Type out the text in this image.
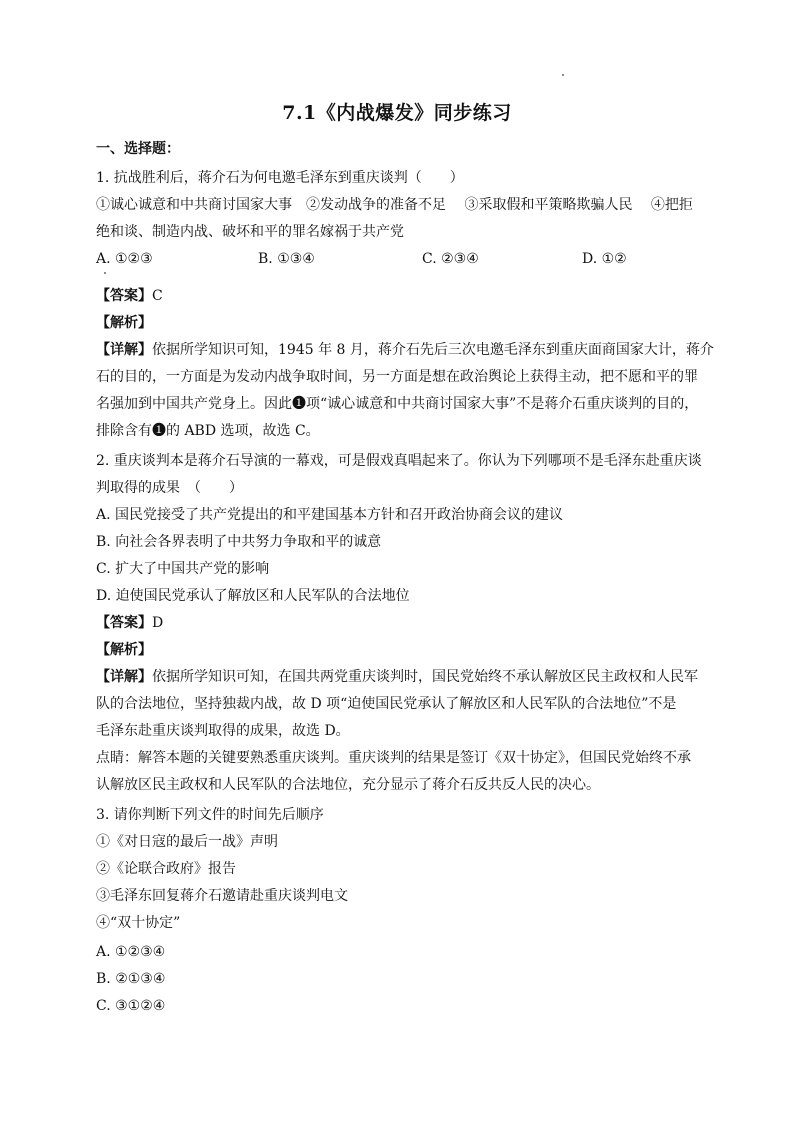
7.1《内战爆发》同步练习
一、选择题：
1. 抗战胜利后，蒋介石为何电邀毛泽东到重庆谈判（　　）
①诚心诚意和中共商讨国家大事　②发动战争的准备不足　 ③采取假和平策略欺骗人民　 ④把拒
绝和谈、制造内战、破坏和平的罪名嫁祸于共产党
A. ①②③	B. ①③④	C. ②③④	D. ①②
【答案】C
【解析】
【详解】依据所学知识可知，1945 年 8 月，蒋介石先后三次电邀毛泽东到重庆面商国家大计，蒋介
石的目的，一方面是为发动内战争取时间，另一方面是想在政治舆论上获得主动，把不愿和平的罪
名强加到中国共产党身上。因此❶项“诚心诚意和中共商讨国家大事”不是蒋介石重庆谈判的目的，
排除含有❶的 ABD 选项，故选 C。
2. 重庆谈判本是蒋介石导演的一幕戏，可是假戏真唱起来了。你认为下列哪项不是毛泽东赴重庆谈
判取得的成果　（　　）
A. 国民党接受了共产党提出的和平建国基本方针和召开政治协商会议的建议
B. 向社会各界表明了中共努力争取和平的诚意
C. 扩大了中国共产党的影响
D. 迫使国民党承认了解放区和人民军队的合法地位
【答案】D
【解析】
【详解】依据所学知识可知，在国共两党重庆谈判时，国民党始终不承认解放区民主政权和人民军
队的合法地位，坚持独裁内战，故 D 项“迫使国民党承认了解放区和人民军队的合法地位”不是
毛泽东赴重庆谈判取得的成果，故选 D。
点睛：解答本题的关键要熟悉重庆谈判。重庆谈判的结果是签订《双十协定》，但国民党始终不承
认解放区民主政权和人民军队的合法地位，充分显示了蒋介石反共反人民的决心。
3. 请你判断下列文件的时间先后顺序
①《对日寇的最后一战》声明
②《论联合政府》报告
③毛泽东回复蒋介石邀请赴重庆谈判电文
④“双十协定”
A. ①②③④
B. ②①③④
C. ③①②④
